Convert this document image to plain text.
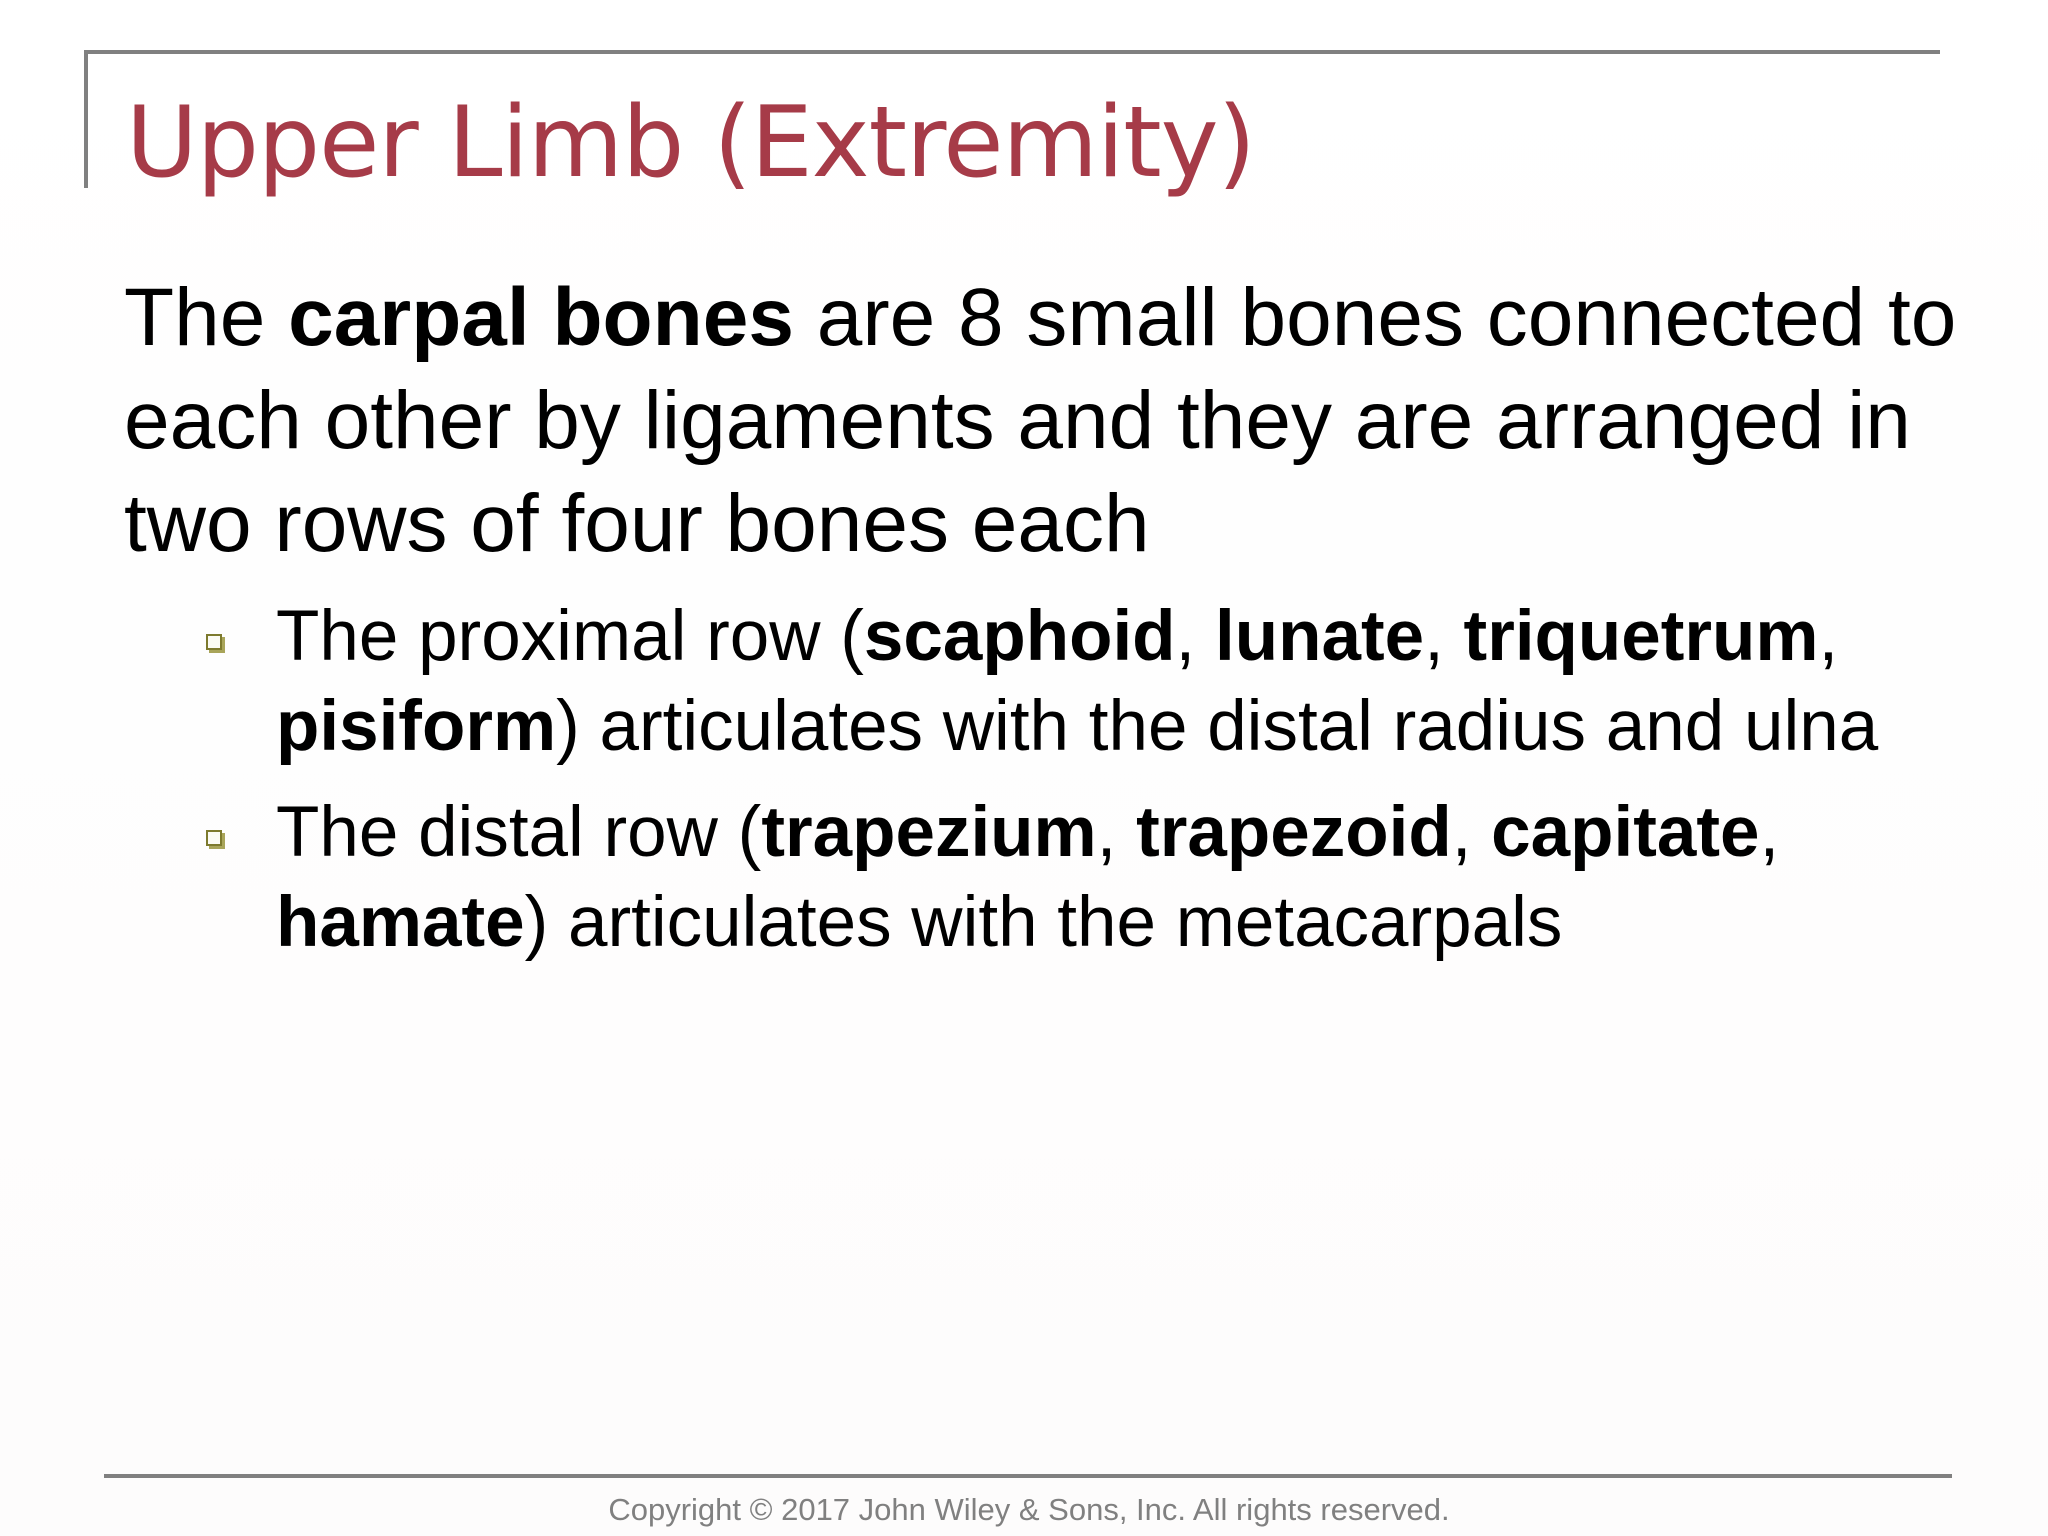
Upper Limb (Extremity)

The carpal bones are 8 small bones connected to each other by ligaments and they are arranged in two rows of four bones each

The proximal row (scaphoid, lunate, triquetrum, pisiform) articulates with the distal radius and ulna
The distal row (trapezium, trapezoid, capitate, hamate) articulates with the metacarpals
Copyright © 2017 John Wiley & Sons, Inc. All rights reserved.
